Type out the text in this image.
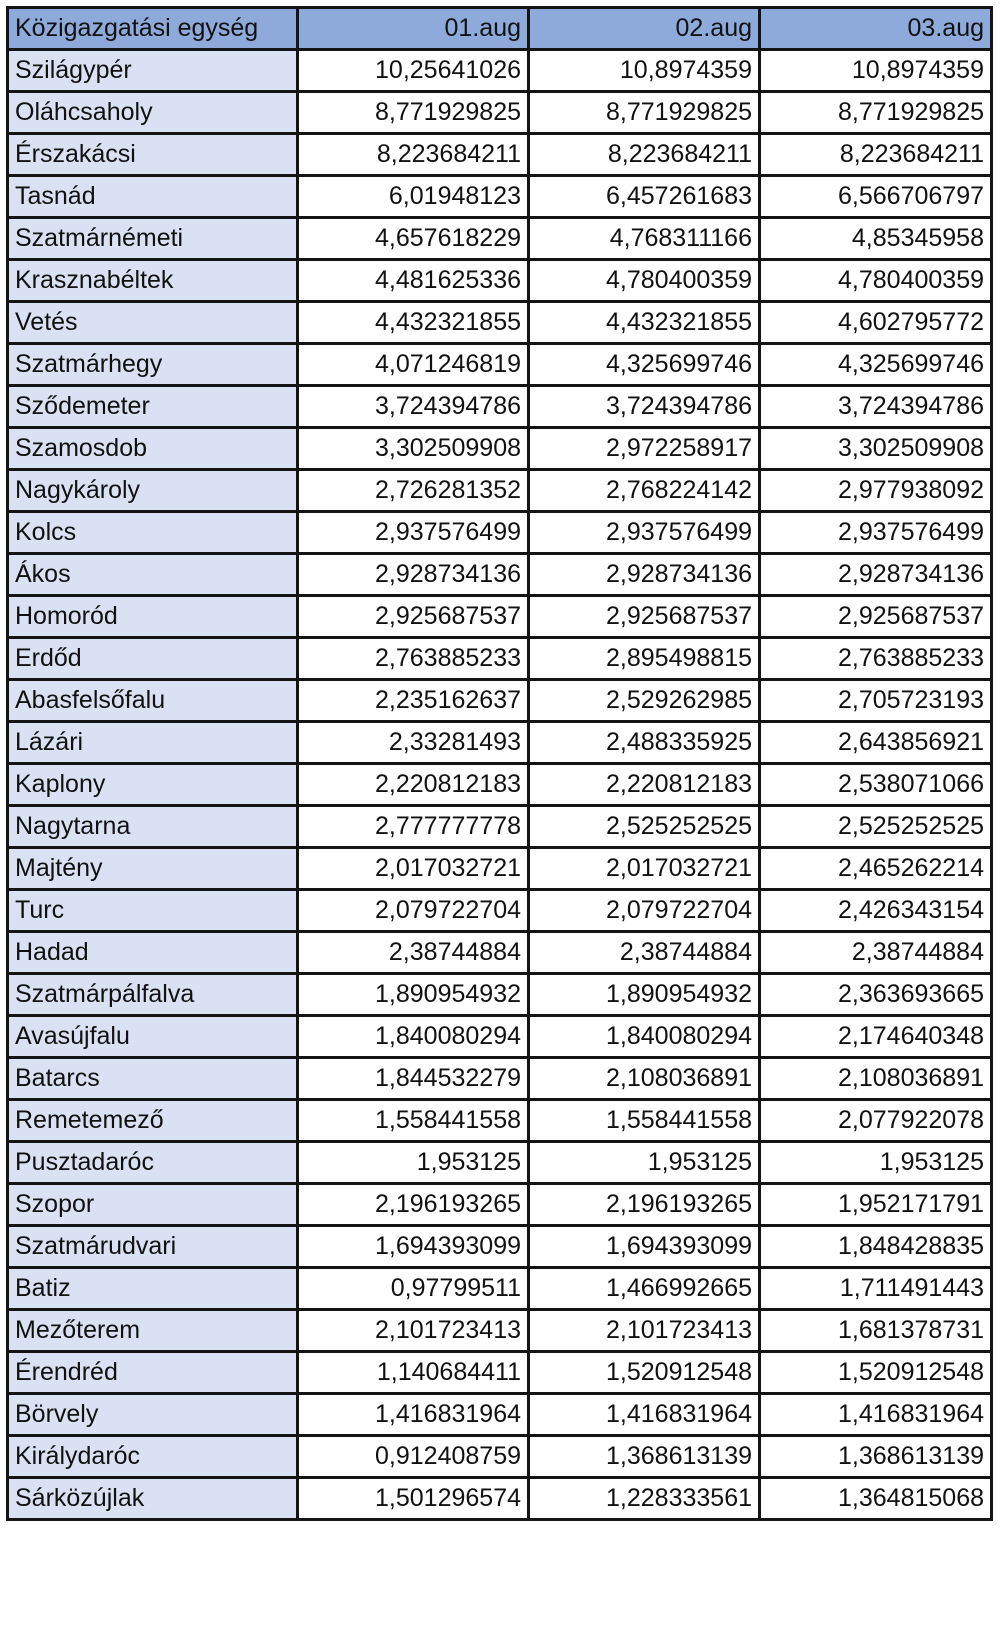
Közigazgatási egység	01.aug	02.aug	03.aug
Szilágypér	10,25641026	10,8974359	10,8974359
Oláhcsaholy	8,771929825	8,771929825	8,771929825
Érszakácsi	8,223684211	8,223684211	8,223684211
Tasnád	6,01948123	6,457261683	6,566706797
Szatmárnémeti	4,657618229	4,768311166	4,85345958
Krasznabéltek	4,481625336	4,780400359	4,780400359
Vetés	4,432321855	4,432321855	4,602795772
Szatmárhegy	4,071246819	4,325699746	4,325699746
Sződemeter	3,724394786	3,724394786	3,724394786
Szamosdob	3,302509908	2,972258917	3,302509908
Nagykároly	2,726281352	2,768224142	2,977938092
Kolcs	2,937576499	2,937576499	2,937576499
Ákos	2,928734136	2,928734136	2,928734136
Homoród	2,925687537	2,925687537	2,925687537
Erdőd	2,763885233	2,895498815	2,763885233
Abasfelsőfalu	2,235162637	2,529262985	2,705723193
Lázári	2,33281493	2,488335925	2,643856921
Kaplony	2,220812183	2,220812183	2,538071066
Nagytarna	2,777777778	2,525252525	2,525252525
Majtény	2,017032721	2,017032721	2,465262214
Turc	2,079722704	2,079722704	2,426343154
Hadad	2,38744884	2,38744884	2,38744884
Szatmárpálfalva	1,890954932	1,890954932	2,363693665
Avasújfalu	1,840080294	1,840080294	2,174640348
Batarcs	1,844532279	2,108036891	2,108036891
Remetemező	1,558441558	1,558441558	2,077922078
Pusztadaróc	1,953125	1,953125	1,953125
Szopor	2,196193265	2,196193265	1,952171791
Szatmárudvari	1,694393099	1,694393099	1,848428835
Batiz	0,97799511	1,466992665	1,711491443
Mezőterem	2,101723413	2,101723413	1,681378731
Érendréd	1,140684411	1,520912548	1,520912548
Börvely	1,416831964	1,416831964	1,416831964
Királydaróc	0,912408759	1,368613139	1,368613139
Sárközújlak	1,501296574	1,228333561	1,364815068
